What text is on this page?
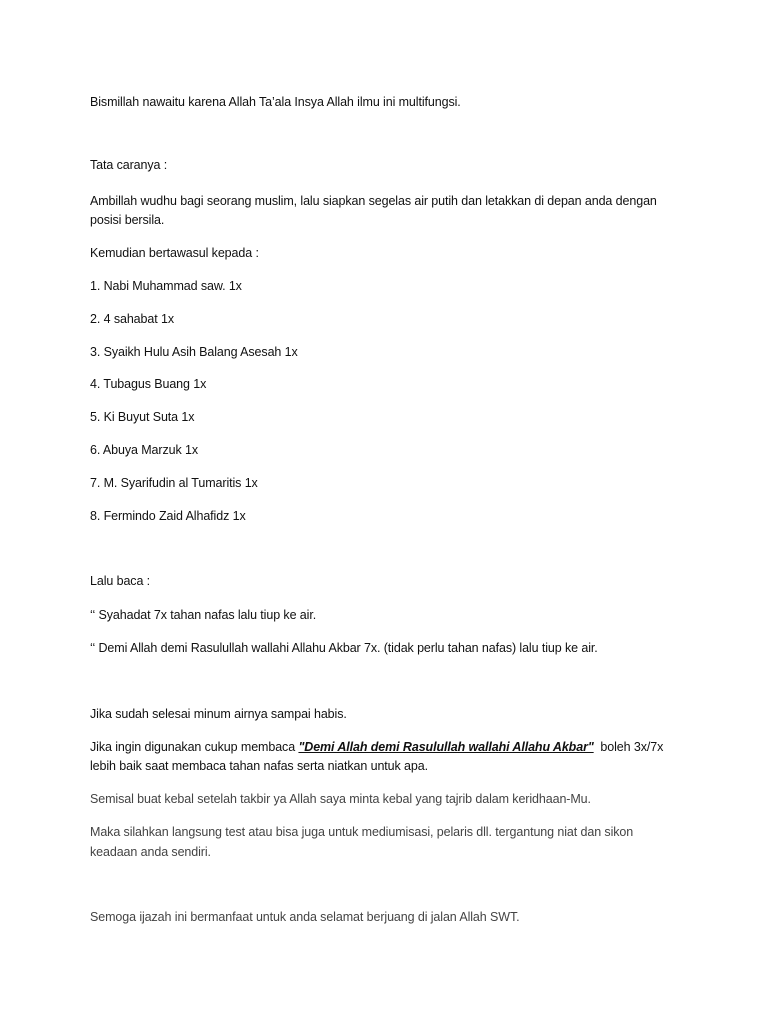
Bismillah nawaitu karena Allah Ta’ala Insya Allah ilmu ini multifungsi.
Tata caranya :
Ambillah wudhu bagi seorang muslim, lalu siapkan segelas air putih dan letakkan di depan anda dengan
posisi bersila.
Kemudian bertawasul kepada :
1. Nabi Muhammad saw. 1x
2. 4 sahabat 1x
3. Syaikh Hulu Asih Balang Asesah 1x
4. Tubagus Buang 1x
5. Ki Buyut Suta 1x
6. Abuya Marzuk 1x
7. M. Syarifudin al Tumaritis 1x
8. Fermindo Zaid Alhafidz 1x
Lalu baca :
‘‘ Syahadat 7x tahan nafas lalu tiup ke air.
‘‘ Demi Allah demi Rasulullah wallahi Allahu Akbar 7x. (tidak perlu tahan nafas) lalu tiup ke air.
Jika sudah selesai minum airnya sampai habis.
Jika ingin digunakan cukup membaca "Demi Allah demi Rasulullah wallahi Allahu Akbar"  boleh 3x/7x
lebih baik saat membaca tahan nafas serta niatkan untuk apa.
Semisal buat kebal setelah takbir ya Allah saya minta kebal yang tajrib dalam keridhaan-Mu.
Maka silahkan langsung test atau bisa juga untuk mediumisasi, pelaris dll. tergantung niat dan sikon
keadaan anda sendiri.
Semoga ijazah ini bermanfaat untuk anda selamat berjuang di jalan Allah SWT.
